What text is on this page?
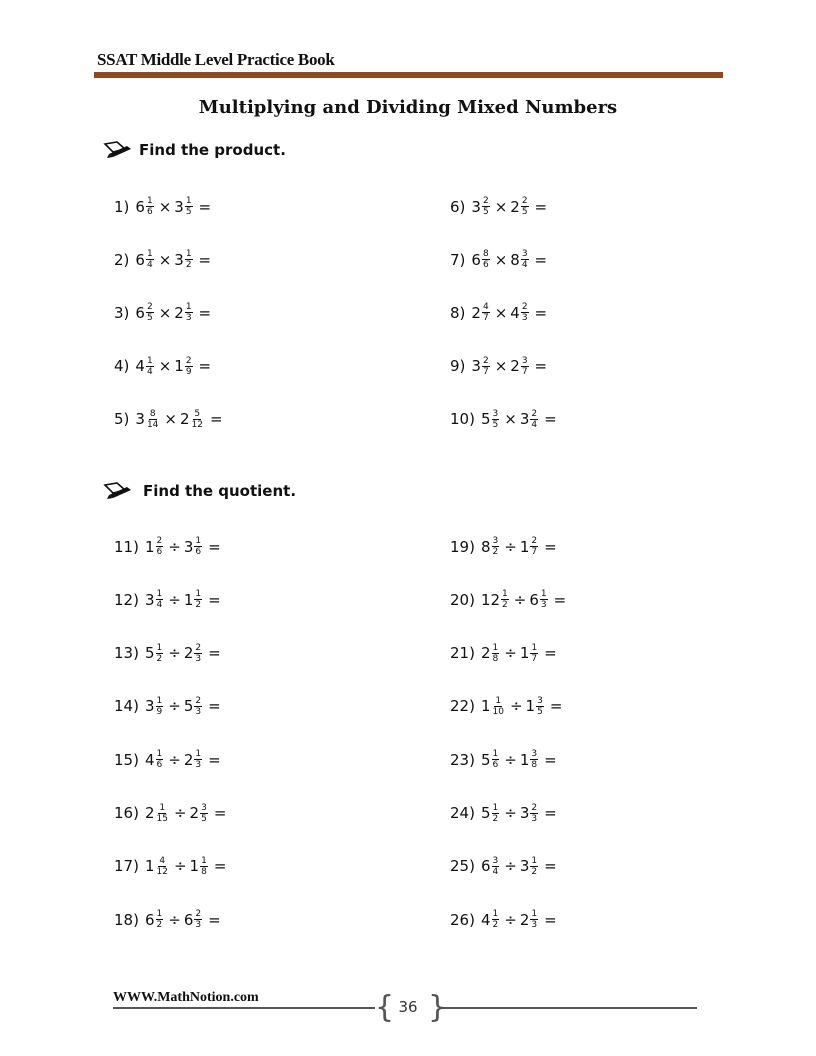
SSAT Middle Level Practice Book
Multiplying and Dividing Mixed Numbers
Find the product.
Find the quotient.
1) $6 \frac{1}{6} \times 3 \frac{1}{5}$ =
2) $6 \frac{1}{4} \times 3 \frac{1}{2}$ =
3) $6 \frac{2}{5} \times 2 \frac{1}{3}$ =
4) $4 \frac{1}{4} \times 1 \frac{2}{9}$ =
5) $3 \frac{8}{14} \times 2 \frac{5}{12}$ =
6) $3 \frac{2}{5} \times 2 \frac{2}{5}$ =
7) $6 \frac{8}{6} \times 8 \frac{3}{4}$ =
8) $2 \frac{4}{7} \times 4 \frac{2}{3}$ =
9) $3 \frac{2}{7} \times 2 \frac{3}{7}$ =
10) $5 \frac{3}{5} \times 3 \frac{2}{4}$ =
11) $1 \frac{2}{6} \div 3 \frac{1}{6}$ =
12) $3 \frac{1}{4} \div 1 \frac{1}{2}$ =
13) $5 \frac{1}{2} \div 2 \frac{2}{3}$ =
14) $3 \frac{1}{9} \div 5 \frac{2}{3}$ =
15) $4 \frac{1}{6} \div 2 \frac{1}{3}$ =
16) $2 \frac{1}{15} \div 2 \frac{3}{5}$ =
17) $1 \frac{4}{12} \div 1 \frac{1}{8}$ =
18) $6 \frac{1}{2} \div 6 \frac{2}{3}$ =
19) $8 \frac{3}{2} \div 1 \frac{2}{7}$ =
20) $12 \frac{1}{2} \div 6 \frac{1}{3}$ =
21) $2 \frac{1}{8} \div 1 \frac{1}{7}$ =
22) $1 \frac{1}{10} \div 1 \frac{3}{5}$ =
23) $5 \frac{1}{6} \div 1 \frac{3}{8}$ =
24) $5 \frac{1}{2} \div 3 \frac{2}{3}$ =
25) $6 \frac{3}{4} \div 3 \frac{1}{2}$ =
26) $4 \frac{1}{2} \div 2 \frac{1}{3}$ =
WWW.MathNotion.com	{ }
36
